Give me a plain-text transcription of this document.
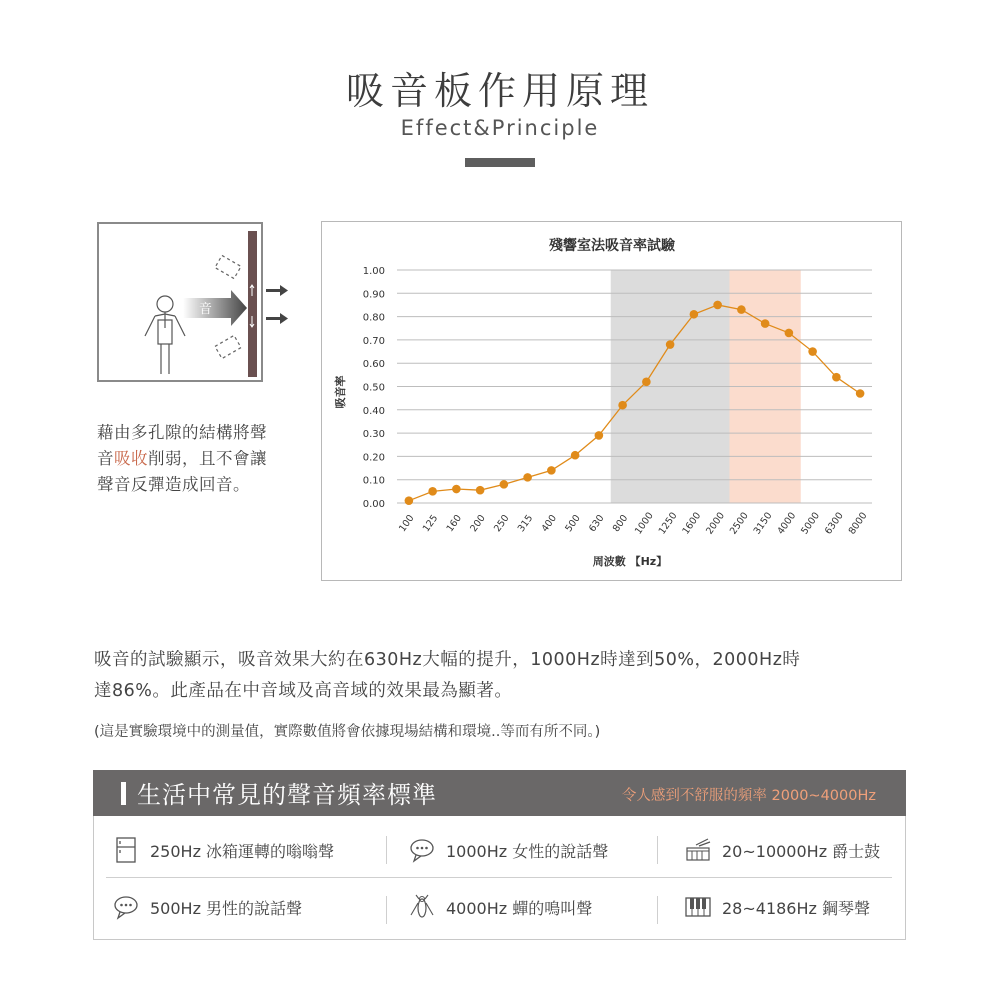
吸音板作用原理
Effect&Principle
音
藉由多孔隙的結構將聲音吸收削弱，且不會讓聲音反彈造成回音。
殘響室法吸音率試驗
吸音率
周波數 【Hz】
0.00
0.10
0.20
0.30
0.40
0.50
0.60
0.70
0.80
0.90
1.00
100 125 160 200 250 315 400 500 630 800 1000 1250 1600 2000 2500 3150 4000 5000 6300 8000
吸音的試驗顯示，吸音效果大約在630Hz大幅的提升，1000Hz時達到50%，2000Hz時
達86%。此產品在中音域及高音域的效果最為顯著。
(這是實驗環境中的測量值，實際數值將會依據現場結構和環境..等而有所不同。)
生活中常見的聲音頻率標準	令人感到不舒服的頻率 2000~4000Hz
250Hz 冰箱運轉的嗡嗡聲	1000Hz 女性的說話聲	20~10000Hz 爵士鼓
500Hz 男性的說話聲	4000Hz 蟬的鳴叫聲	28~4186Hz 鋼琴聲
